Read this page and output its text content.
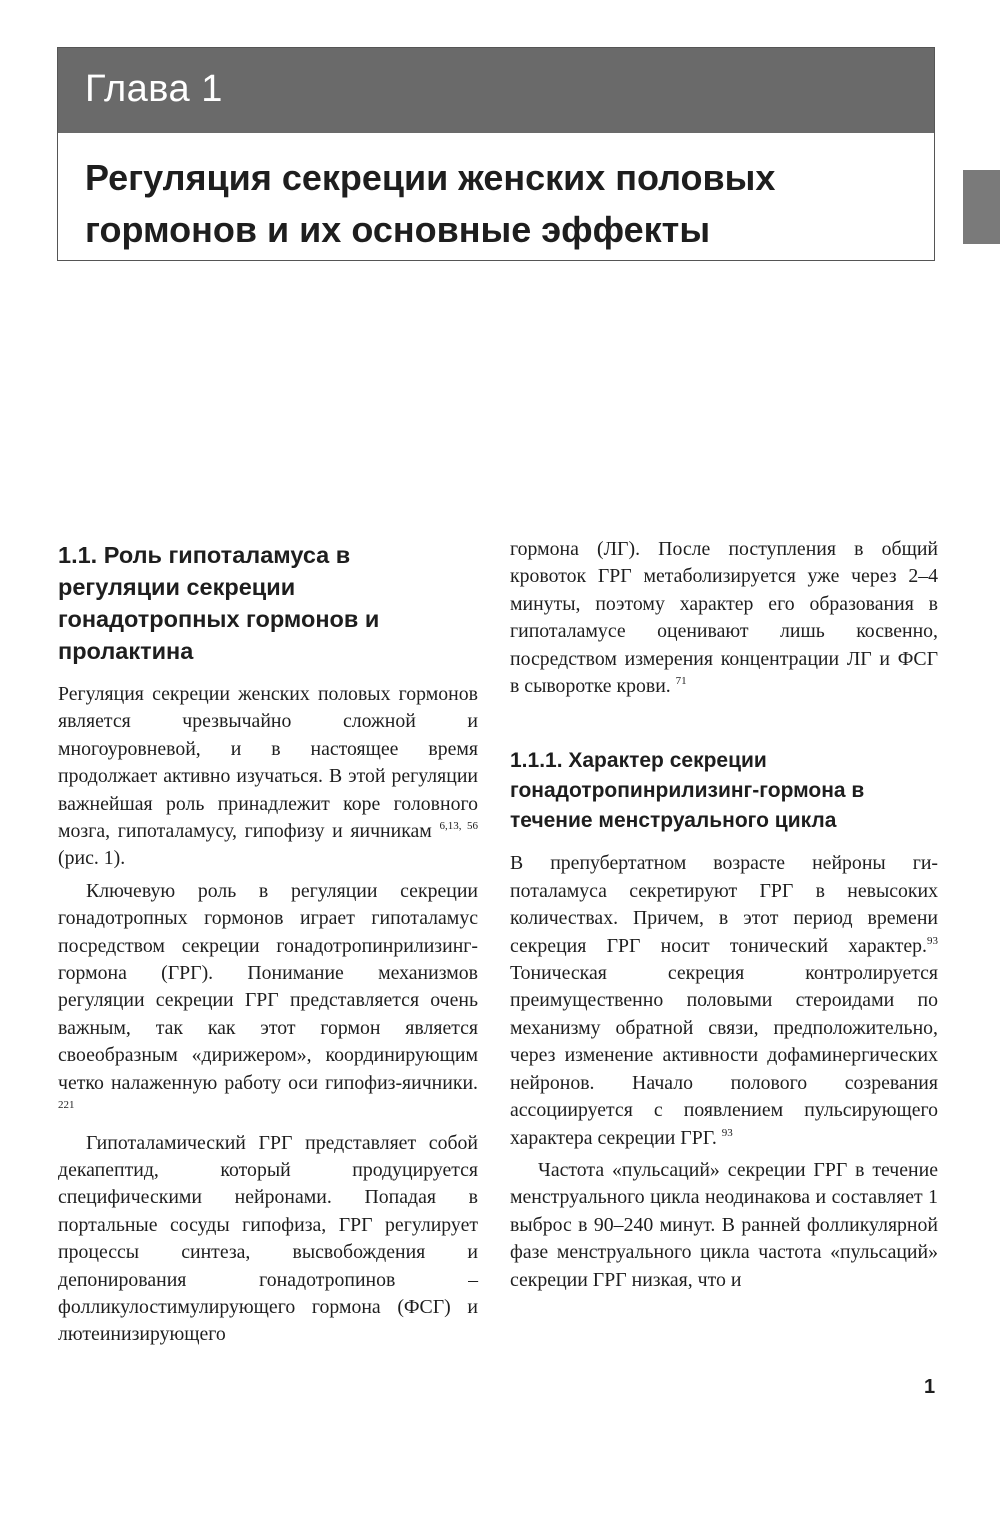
Глава 1
Регуляция секреции женских половых гормонов и их основные эффекты
1.1. Роль гипоталамуса в регуляции секреции гонадотропных гормонов и пролактина

Регуляция секреции женских половых гормонов является чрезвычайно сложной и многоуровневой, и в настоящее время продолжает активно изучаться. В этой регуляции важнейшая роль принадлежит коре головного мозга, гипоталамусу, гипофизу и яичникам $^{6,13, 56}$ (рис. 1).

Ключевую роль в регуляции секреции гонадотропных гормонов играет гипоталамус посредством секреции гонадотропинрилизинг-гормона (ГРГ). Понимание механизмов регуляции секреции ГРГ представляется очень важным, так как этот гормон является своеобразным «дирижером», координирующим четко налаженную работу оси гипофиз-яичники. $^{221}$

Гипоталамический ГРГ представляет собой декапептид, который продуцируется специфическими нейронами. Попадая в портальные сосуды гипофиза, ГРГ регулирует процессы синтеза, высвобождения и депонирования гонадотропинов – фолликулостимулирующего гормона (ФСГ) и лютеинизирующего

гормона (ЛГ). После поступления в общий кровоток ГРГ метаболизируется уже через 2–4 минуты, поэтому характер его образования в гипоталамусе оценивают лишь косвенно, посредством измерения концентрации ЛГ и ФСГ в сыворотке крови. $^{71}$

1.1.1. Характер секреции гонадотропинрилизинг-гормона в течение менструального цикла

В препубертатном возрасте нейроны гипоталамуса секретируют ГРГ в невысоких количествах. Причем, в этот период времени секреция ГРГ носит тонический характер.$^{93}$ Тоническая секреция контролируется преимущественно половыми стероидами по механизму обратной связи, предположительно, через изменение активности дофаминергических нейронов. Начало полового созревания ассоциируется с появлением пульсирующего характера секреции ГРГ. $^{93}$

Частота «пульсаций» секреции ГРГ в течение менструального цикла неодинакова и составляет 1 выброс в 90–240 минут. В ранней фолликулярной фазе менструального цикла частота «пульсаций» секреции ГРГ низкая, что и

1
